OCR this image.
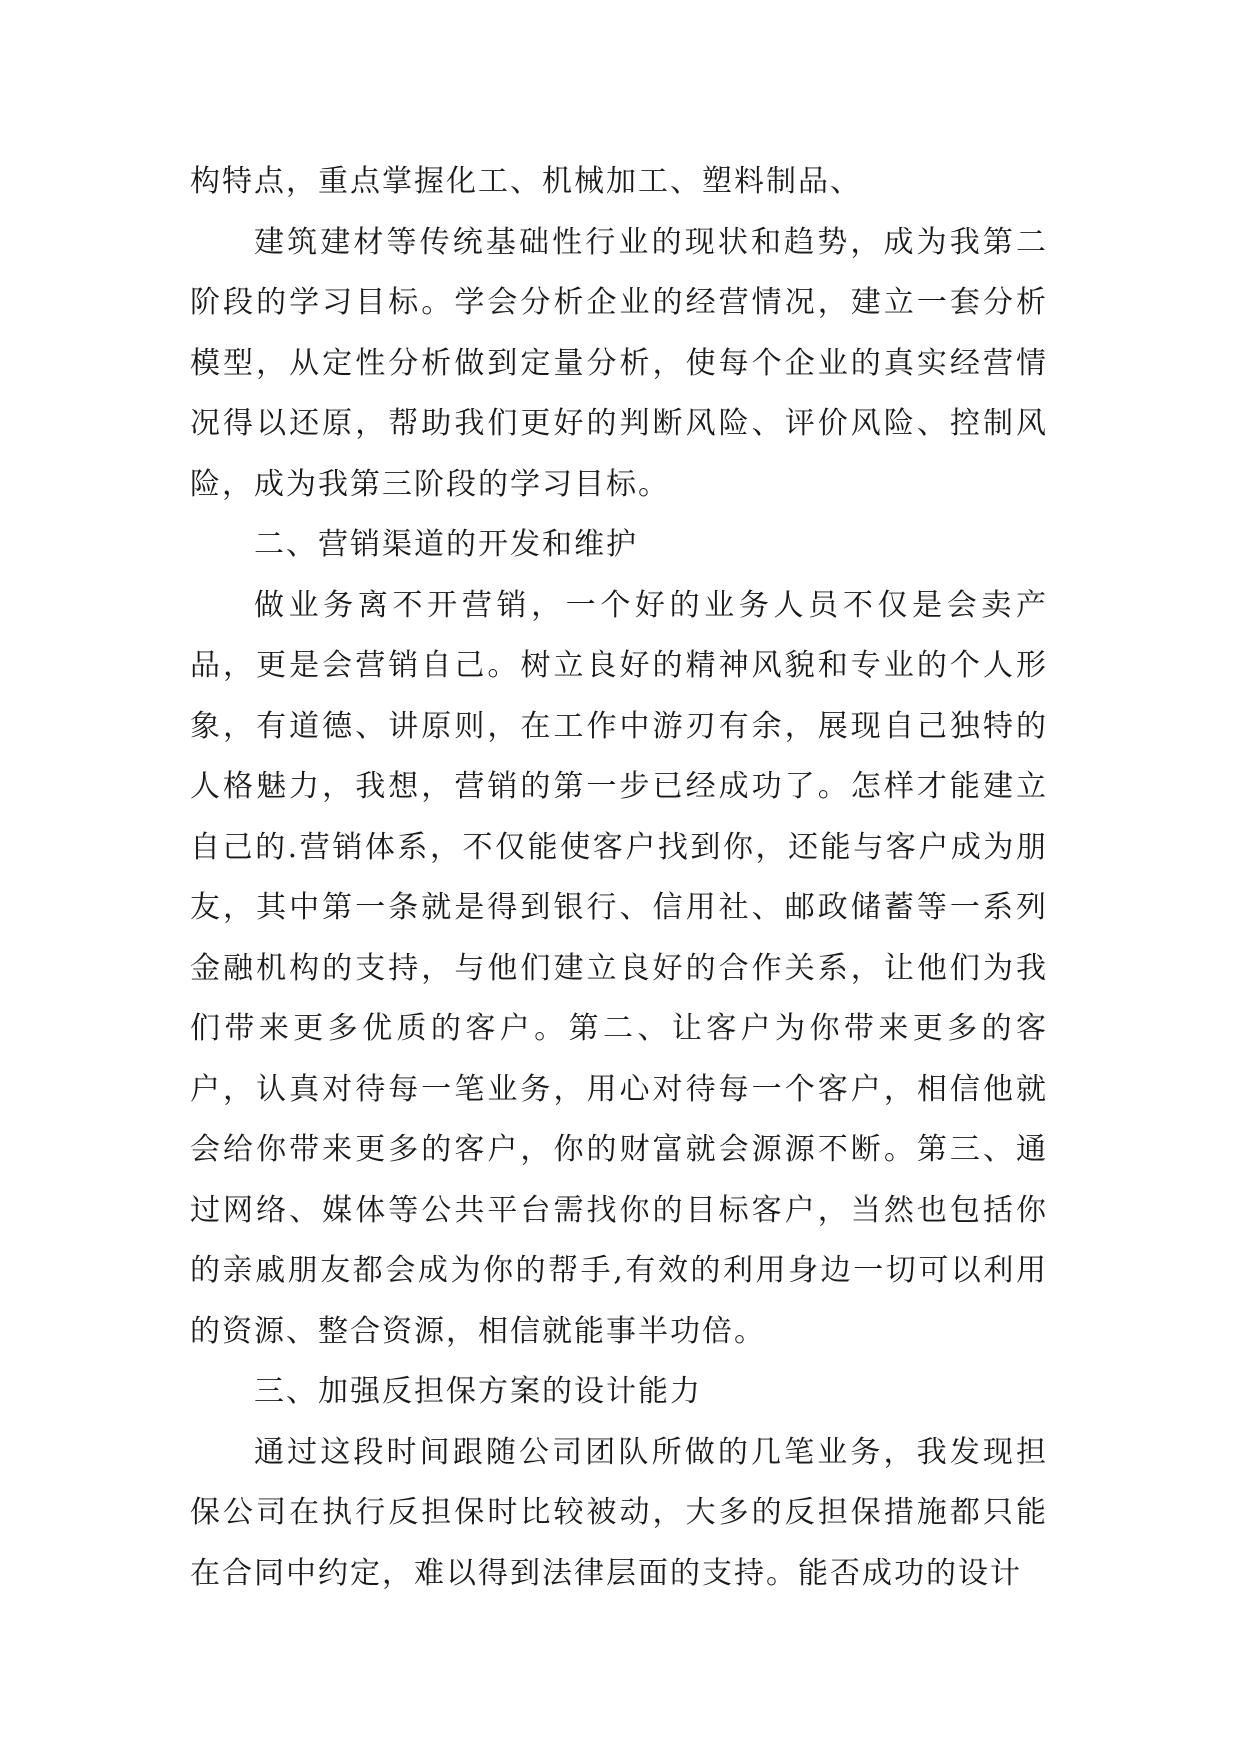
构特点，重点掌握化工、机械加工、塑料制品、

建筑建材等传统基础性行业的现状和趋势，成为我第二阶段的学习目标。学会分析企业的经营情况，建立一套分析模型，从定性分析做到定量分析，使每个企业的真实经营情况得以还原，帮助我们更好的判断风险、评价风险、控制风险，成为我第三阶段的学习目标。

二、营销渠道的开发和维护

做业务离不开营销，一个好的业务人员不仅是会卖产品，更是会营销自己。树立良好的精神风貌和专业的个人形象，有道德、讲原则，在工作中游刃有余，展现自己独特的人格魅力，我想，营销的第一步已经成功了。怎样才能建立自己的.营销体系，不仅能使客户找到你，还能与客户成为朋友，其中第一条就是得到银行、信用社、邮政储蓄等一系列金融机构的支持，与他们建立良好的合作关系，让他们为我们带来更多优质的客户。第二、让客户为你带来更多的客户，认真对待每一笔业务，用心对待每一个客户，相信他就会给你带来更多的客户，你的财富就会源源不断。第三、通过网络、媒体等公共平台需找你的目标客户，当然也包括你的亲戚朋友都会成为你的帮手,有效的利用身边一切可以利用的资源、整合资源，相信就能事半功倍。

三、加强反担保方案的设计能力

通过这段时间跟随公司团队所做的几笔业务，我发现担保公司在执行反担保时比较被动，大多的反担保措施都只能在合同中约定，难以得到法律层面的支持。能否成功的设计
